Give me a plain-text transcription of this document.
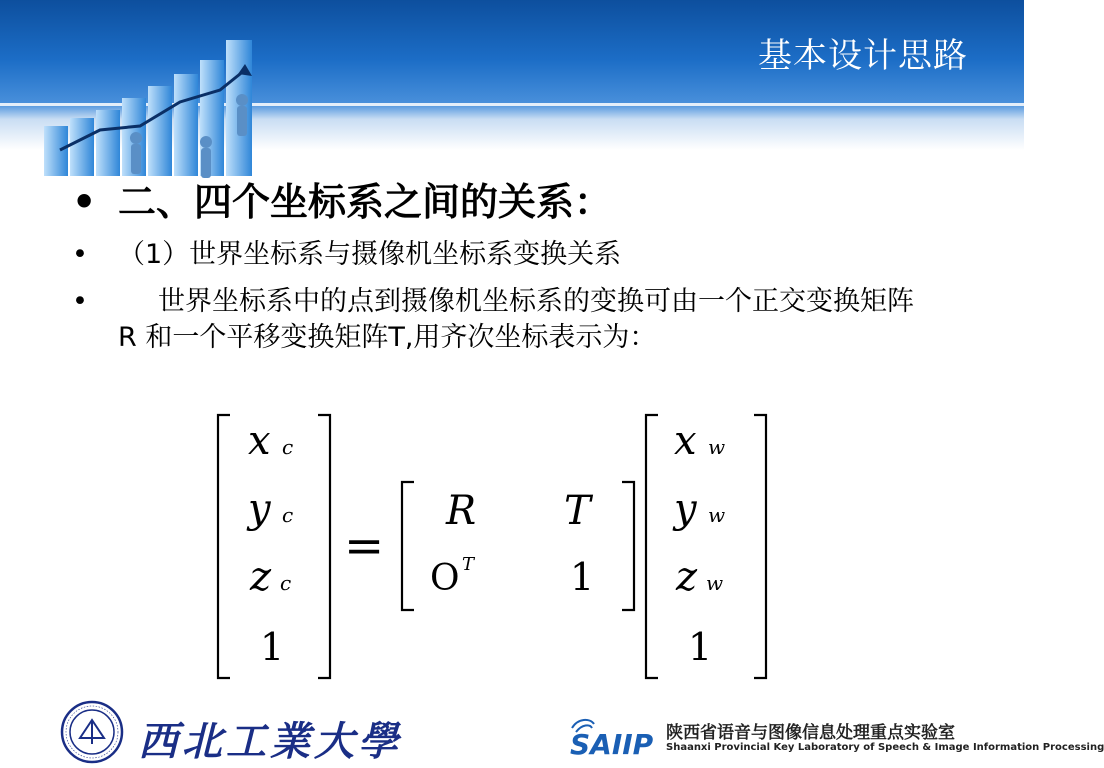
基本设计思路
• 二、四个坐标系之间的关系：
• （1）世界坐标系与摄像机坐标系变换关系
•	世界坐标系中的点到摄像机坐标系的变换可由一个正交变换矩阵R 和一个平移变换矩阵T,用齐次坐标表示为：
x c
y c
z c
1
=
R T
O T	1
x w
y w
z w
1
西北工業大學	SAIIP 陕西省语音与图像信息处理重点实验室
Shaanxi Provincial Key Laboratory of Speech & Image Information Processing
